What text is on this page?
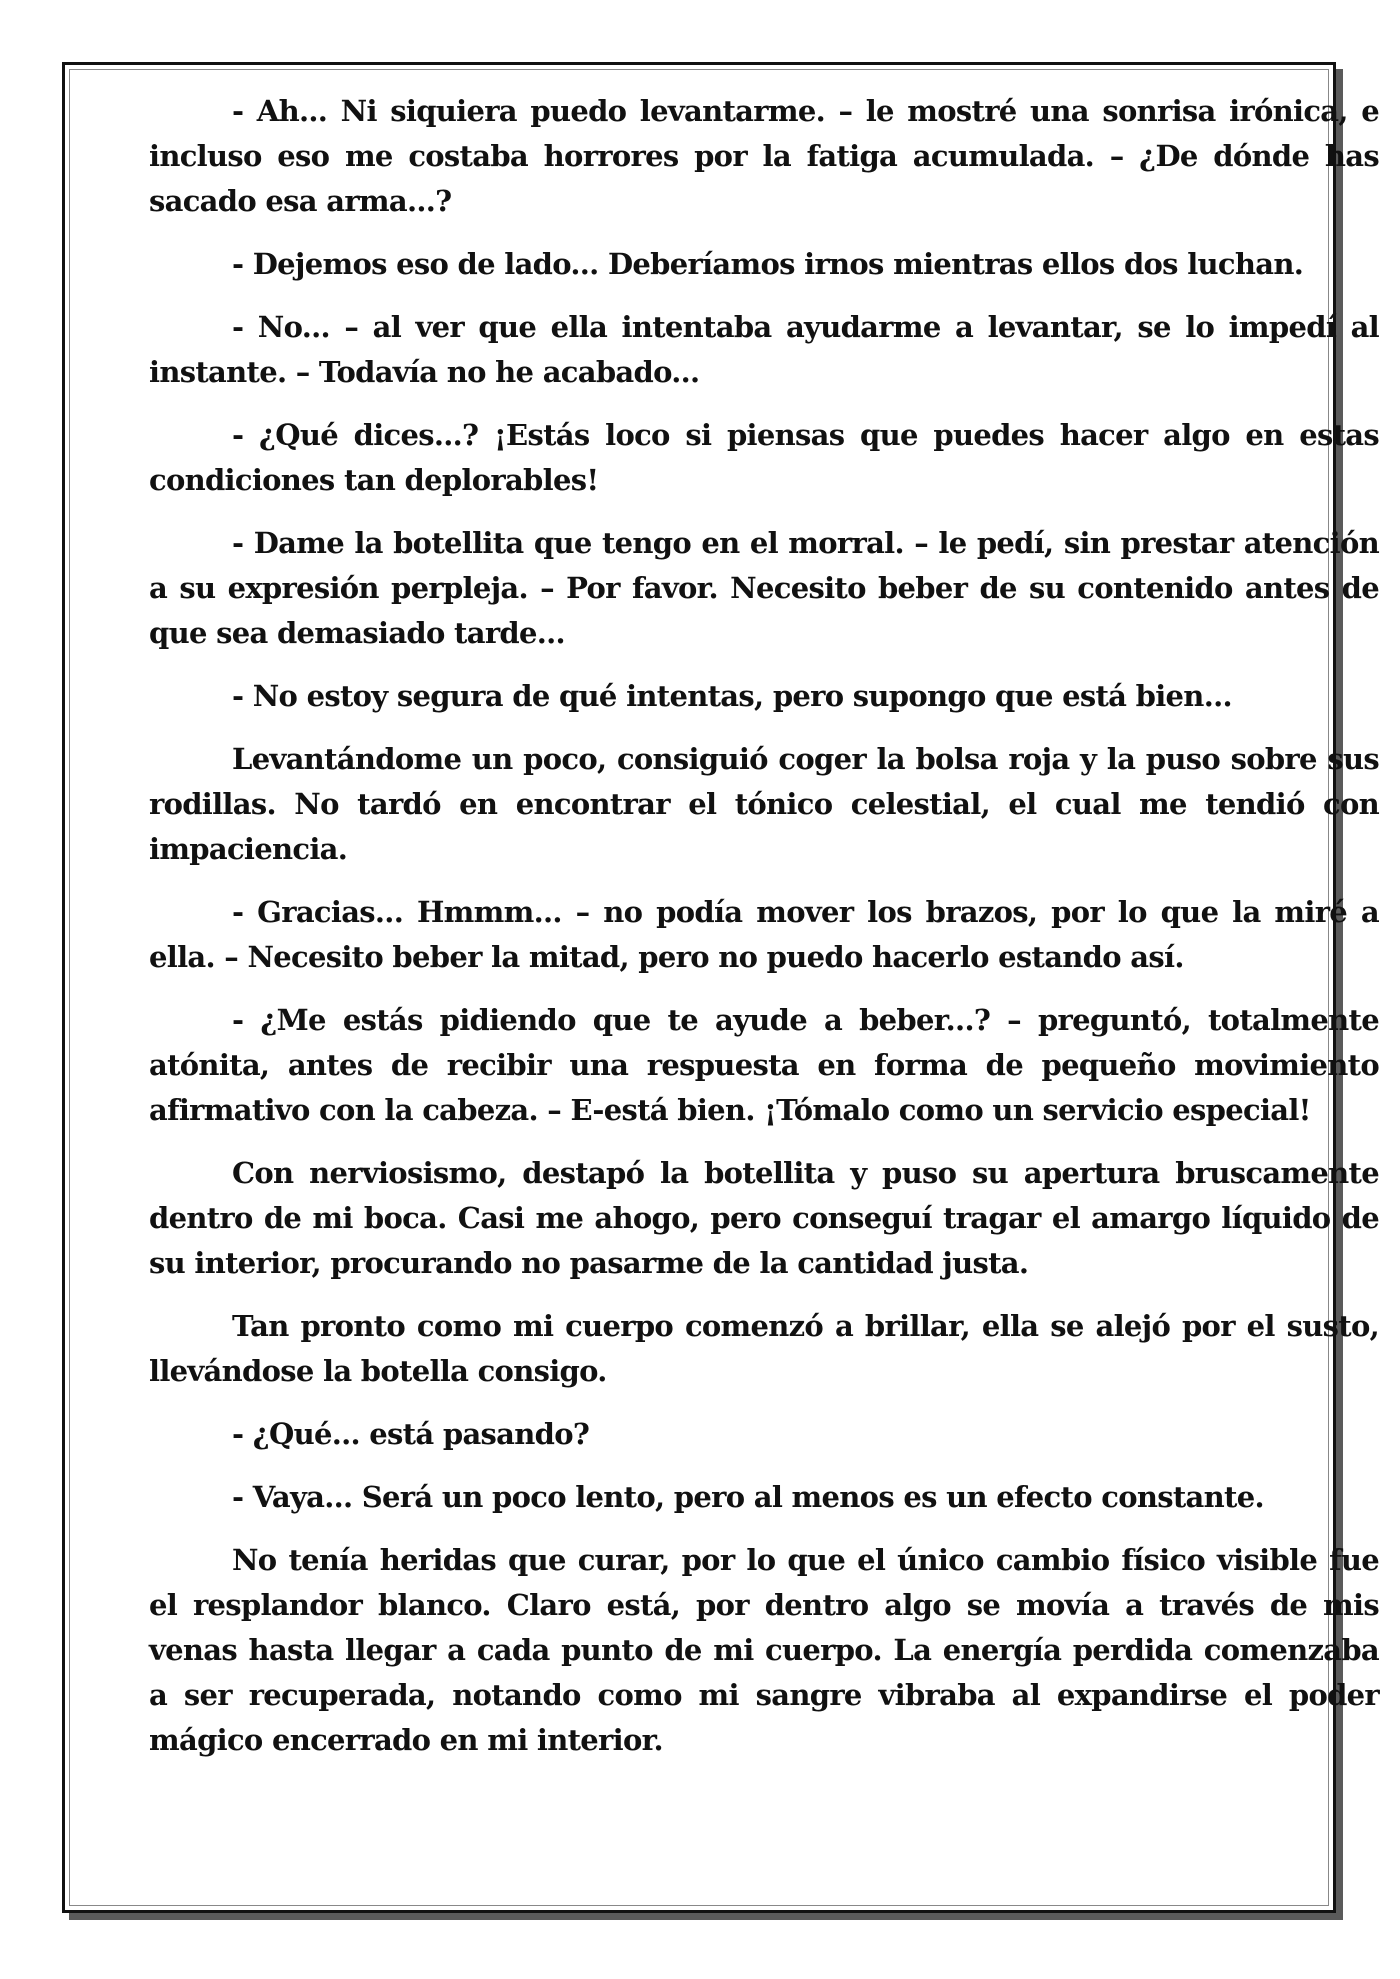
- Ah... Ni siquiera puedo levantarme. – le mostré una sonrisa irónica, e incluso eso me costaba horrores por la fatiga acumulada. – ¿De dónde has sacado esa arma...?

- Dejemos eso de lado... Deberíamos irnos mientras ellos dos luchan.

- No... – al ver que ella intentaba ayudarme a levantar, se lo impedí al instante. – Todavía no he acabado...

- ¿Qué dices...? ¡Estás loco si piensas que puedes hacer algo en estas condiciones tan deplorables!

- Dame la botellita que tengo en el morral. – le pedí, sin prestar atención a su expresión perpleja. – Por favor. Necesito beber de su contenido antes de que sea demasiado tarde...

- No estoy segura de qué intentas, pero supongo que está bien...

Levantándome un poco, consiguió coger la bolsa roja y la puso sobre sus rodillas. No tardó en encontrar el tónico celestial, el cual me tendió con impaciencia.

- Gracias... Hmmm... – no podía mover los brazos, por lo que la miré a ella. – Necesito beber la mitad, pero no puedo hacerlo estando así.

- ¿Me estás pidiendo que te ayude a beber...? – preguntó, totalmente atónita, antes de recibir una respuesta en forma de pequeño movimiento afirmativo con la cabeza. – E-está bien. ¡Tómalo como un servicio especial!

Con nerviosismo, destapó la botellita y puso su apertura bruscamente dentro de mi boca. Casi me ahogo, pero conseguí tragar el amargo líquido de su interior, procurando no pasarme de la cantidad justa.

Tan pronto como mi cuerpo comenzó a brillar, ella se alejó por el susto, llevándose la botella consigo.

- ¿Qué... está pasando?

- Vaya... Será un poco lento, pero al menos es un efecto constante.

No tenía heridas que curar, por lo que el único cambio físico visible fue el resplandor blanco. Claro está, por dentro algo se movía a través de mis venas hasta llegar a cada punto de mi cuerpo. La energía perdida comenzaba a ser recuperada, notando como mi sangre vibraba al expandirse el poder mágico encerrado en mi interior.
